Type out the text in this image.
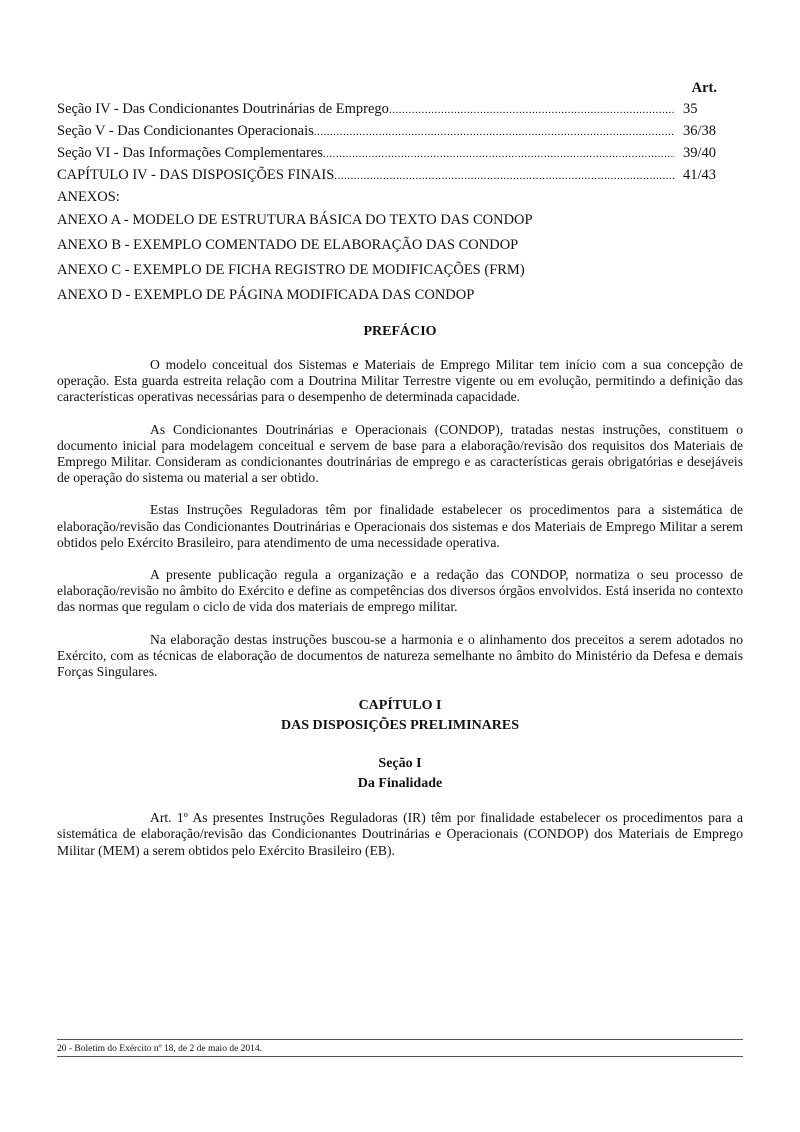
Art.
Seção IV - Das Condicionantes Doutrinárias de Emprego .....	35
Seção V - Das Condicionantes Operacionais .....	36/38
Seção VI - Das Informações Complementares .....	39/40
CAPÍTULO IV - DAS DISPOSIÇÕES FINAIS .....	41/43
ANEXOS:
ANEXO A - MODELO DE ESTRUTURA BÁSICA DO TEXTO DAS CONDOP
ANEXO B - EXEMPLO COMENTADO DE ELABORAÇÃO DAS CONDOP
ANEXO C - EXEMPLO DE FICHA REGISTRO DE MODIFICAÇÕES (FRM)
ANEXO D - EXEMPLO DE PÁGINA MODIFICADA DAS CONDOP
PREFÁCIO

O modelo conceitual dos Sistemas e Materiais de Emprego Militar tem início com a sua concepção de operação. Esta guarda estreita relação com a Doutrina Militar Terrestre vigente ou em evolução, permitindo a definição das características operativas necessárias para o desempenho de determinada capacidade.

As Condicionantes Doutrinárias e Operacionais (CONDOP), tratadas nestas instruções, constituem o documento inicial para modelagem conceitual e servem de base para a elaboração/revisão dos requisitos dos Materiais de Emprego Militar. Consideram as condicionantes doutrinárias de emprego e as características gerais obrigatórias e desejáveis de operação do sistema ou material a ser obtido.

Estas Instruções Reguladoras têm por finalidade estabelecer os procedimentos para a sistemática de elaboração/revisão das Condicionantes Doutrinárias e Operacionais dos sistemas e dos Materiais de Emprego Militar a serem obtidos pelo Exército Brasileiro, para atendimento de uma necessidade operativa.

A presente publicação regula a organização e a redação das CONDOP, normatiza o seu processo de elaboração/revisão no âmbito do Exército e define as competências dos diversos órgãos envolvidos. Está inserida no contexto das normas que regulam o ciclo de vida dos materiais de emprego militar.

Na elaboração destas instruções buscou-se a harmonia e o alinhamento dos preceitos a serem adotados no Exército, com as técnicas de elaboração de documentos de natureza semelhante no âmbito do Ministério da Defesa e demais Forças Singulares.

CAPÍTULO I
DAS DISPOSIÇÕES PRELIMINARES
Seção I
Da Finalidade

Art. 1º As presentes Instruções Reguladoras (IR) têm por finalidade estabelecer os procedimentos para a sistemática de elaboração/revisão das Condicionantes Doutrinárias e Operacionais (CONDOP) dos Materiais de Emprego Militar (MEM) a serem obtidos pelo Exército Brasileiro (EB).

20 - Boletim do Exército nº 18, de 2 de maio de 2014.
